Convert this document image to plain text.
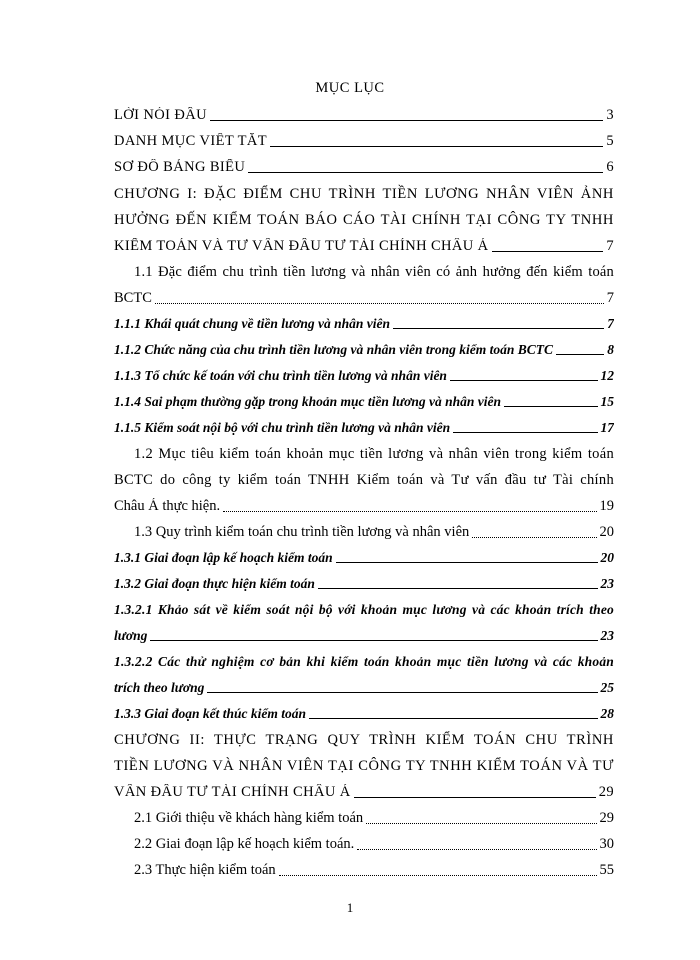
MỤC LỤC
LỜI NÓI ĐẦU	3
DANH MỤC VIẾT TẮT	5
SƠ ĐỒ BẢNG BIỂU	6
CHƯƠNG I: ĐẶC ĐIỂM CHU TRÌNH TIỀN LƯƠNG NHÂN VIÊN ẢNH
HƯỞNG ĐẾN KIỂM TOÁN BÁO CÁO TÀI CHÍNH TẠI CÔNG TY TNHH
KIỂM TOÁN VÀ TƯ VẤN ĐẦU TƯ TÀI CHÍNH CHÂU Á	7
1.1 Đặc điểm chu trình tiền lương và nhân viên có ảnh hưởng đến kiểm toán
BCTC	7
1.1.1 Khái quát chung về tiền lương và nhân viên	7
1.1.2 Chức năng của chu trình tiền lương và nhân viên trong kiểm toán BCTC	8
1.1.3 Tổ chức kế toán với chu trình tiền lương và nhân viên	12
1.1.4 Sai phạm thường gặp trong khoản mục tiền lương và nhân viên	15
1.1.5 Kiểm soát nội bộ với chu trình tiền lương và nhân viên	17
1.2 Mục tiêu kiểm toán khoản mục tiền lương và nhân viên trong kiểm toán
BCTC do công ty kiểm toán TNHH Kiểm toán và Tư vấn đầu tư Tài chính
Châu Á thực hiện.	19
1.3 Quy trình kiểm toán chu trình tiền lương và nhân viên	20
1.3.1 Giai đoạn lập kế hoạch kiểm toán	20
1.3.2 Giai đoạn thực hiện kiểm toán	23
1.3.2.1 Khảo sát về kiểm soát nội bộ với khoản mục lương và các khoản trích theo
lương	23
1.3.2.2 Các thử nghiệm cơ bản khi kiểm toán khoản mục tiền lương và các khoản
trích theo lương	25
1.3.3 Giai đoạn kết thúc kiểm toán	28
CHƯƠNG II: THỰC TRẠNG QUY TRÌNH KIỂM TOÁN CHU TRÌNH
TIỀN LƯƠNG VÀ NHÂN VIÊN TẠI CÔNG TY TNHH KIỂM TOÁN VÀ TƯ
VẤN ĐẦU TƯ TÀI CHÍNH CHÂU Á	29
2.1 Giới thiệu về khách hàng kiểm toán	29
2.2 Giai đoạn lập kế hoạch kiểm toán.	30
2.3 Thực hiện kiểm toán	55
1
